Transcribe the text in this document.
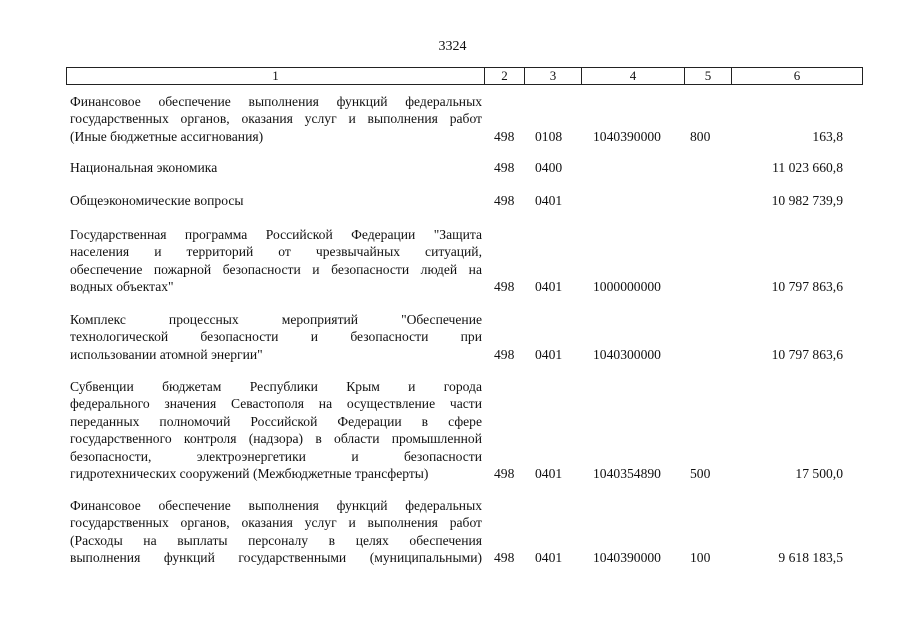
3324
1	2	3	4	5	6
Финансовое обеспечение выполнения функций федеральных
государственных органов, оказания услуг и выполнения работ
(Иные бюджетные ассигнования)	498 0108 1040390000 800	163,8
Национальная экономика	498 0400	11 023 660,8
Общеэкономические вопросы	498 0401	10 982 739,9
Государственная программа Российской Федерации "Защита
населения и территорий от чрезвычайных ситуаций,
обеспечение пожарной безопасности и безопасности людей на
водных объектах"	498 0401 1000000000	10 797 863,6
Комплекс процессных мероприятий "Обеспечение
технологической безопасности и безопасности при
использовании атомной энергии"	498 0401 1040300000	10 797 863,6
Субвенции бюджетам Республики Крым и города
федерального значения Севастополя на осуществление части
переданных полномочий Российской Федерации в сфере
государственного контроля (надзора) в области промышленной
безопасности, электроэнергетики и безопасности
гидротехнических сооружений (Межбюджетные трансферты)	498 0401 1040354890 500	17 500,0
Финансовое обеспечение выполнения функций федеральных
государственных органов, оказания услуг и выполнения работ
(Расходы на выплаты персоналу в целях обеспечения
выполнения функций государственными (муниципальными) 498 0401 1040390000 100	9 618 183,5
